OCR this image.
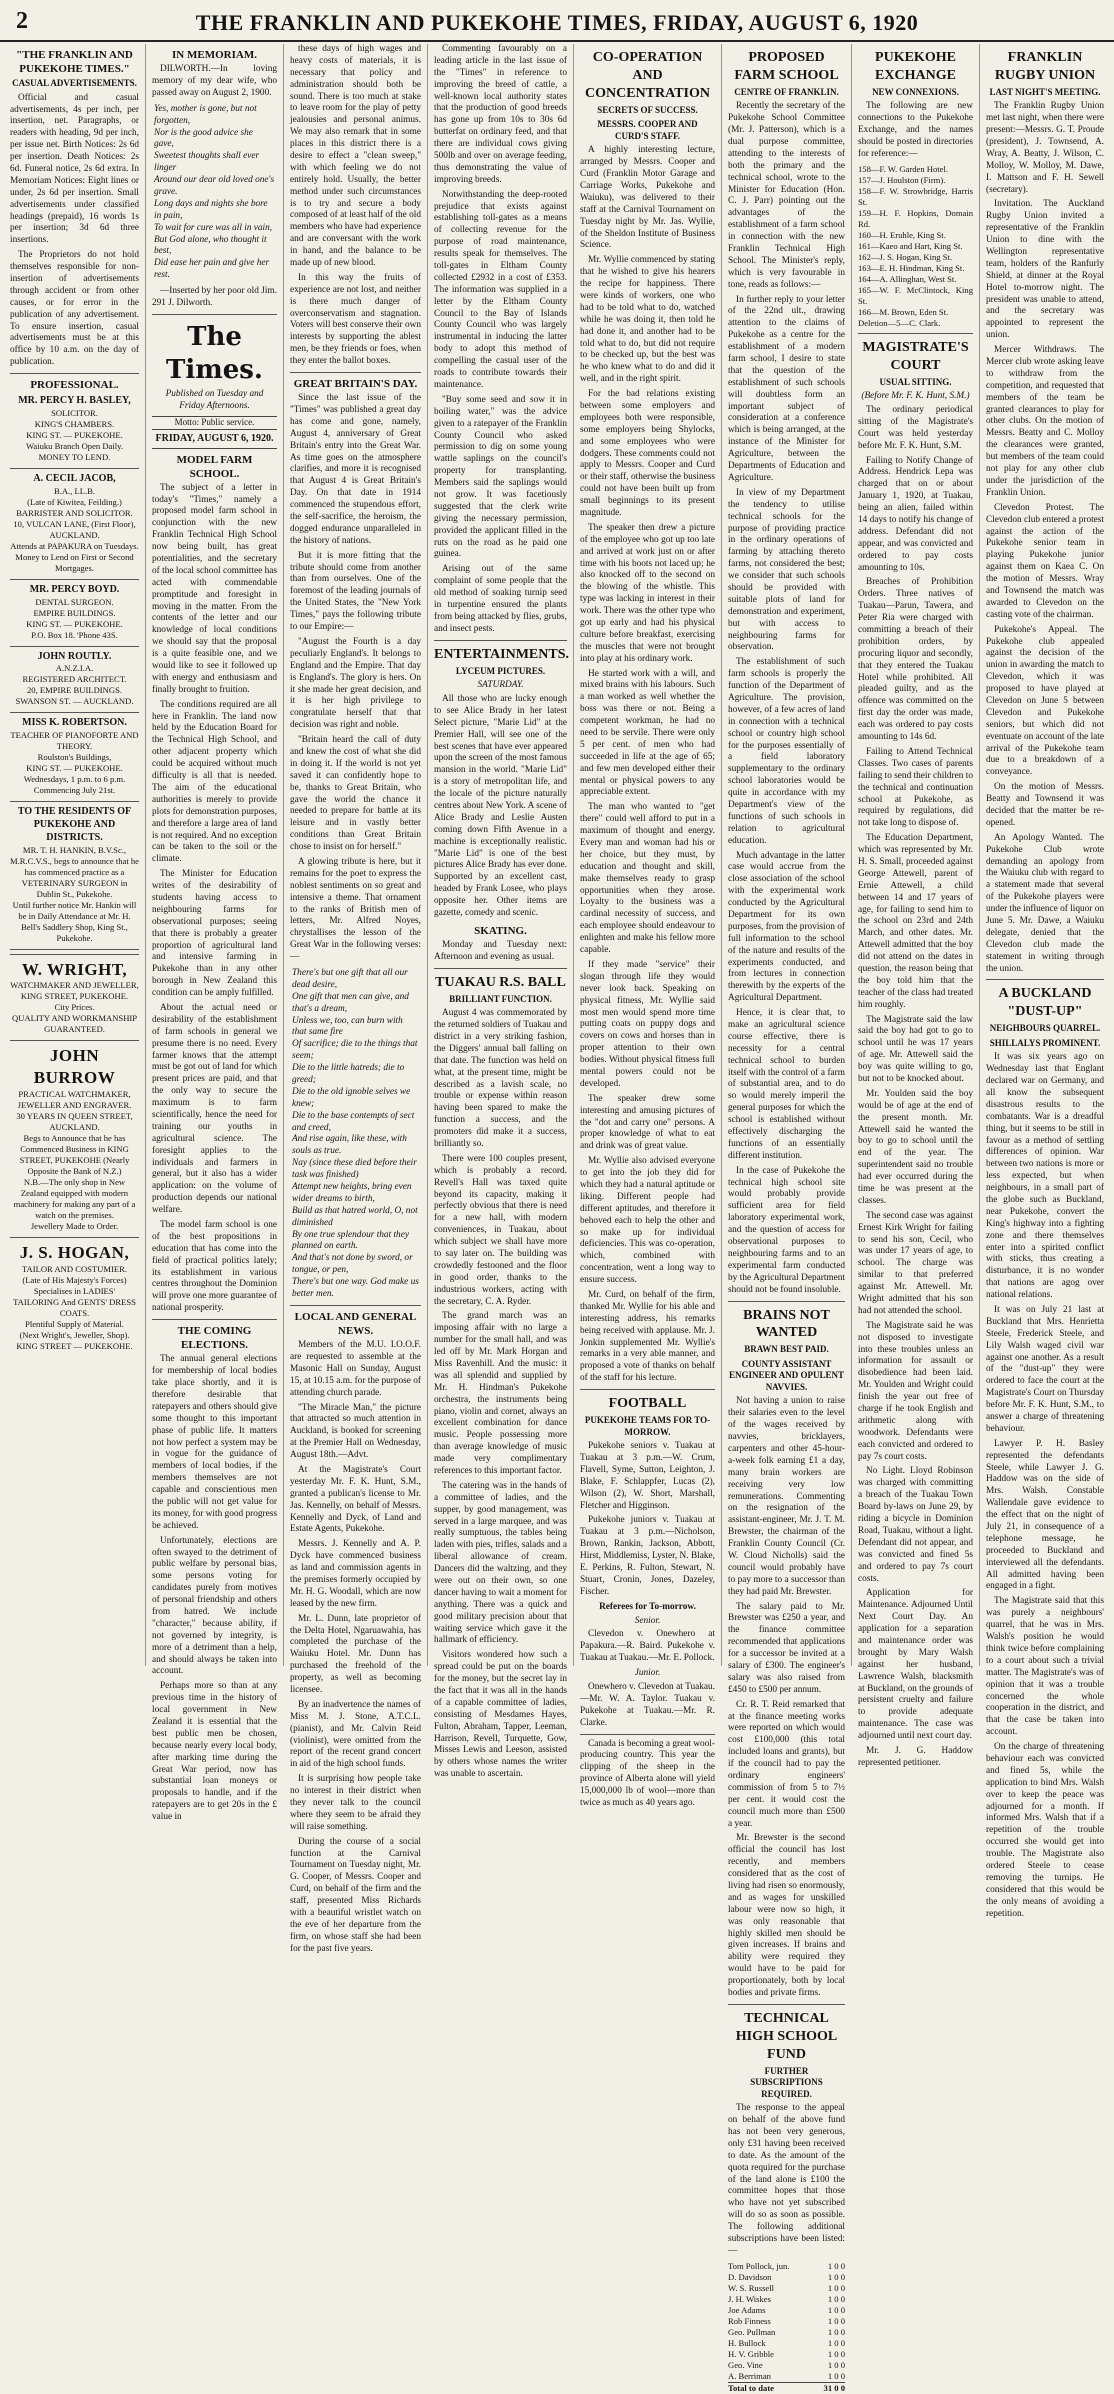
2	THE FRANKLIN AND PUKEKOHE TIMES, FRIDAY, AUGUST 6, 1920
"THE FRANKLIN AND PUKEKOHE TIMES."
CASUAL ADVERTISEMENTS.

Official and casual advertisements, 4s per inch, per insertion, net. Paragraphs, or readers with heading, 9d per inch, per issue net. Birth Notices: 2s 6d per insertion. Death Notices: 2s 6d. Funeral notice, 2s 6d extra. In Memoriam Notices: Eight lines or under, 2s 6d per insertion. Small advertisements under classified headings (prepaid), 16 words 1s per insertion; 3d 6d three insertions.

The Proprietors do not hold themselves responsible for non-insertion of advertisements through accident or from other causes, or for error in the publication of any advertisement. To ensure insertion, casual advertisements must be at this office by 10 a.m. on the day of publication.

PROFESSIONAL.
MR. PERCY H. BASLEY,
SOLICITOR.
KING'S CHAMBERS.
KING ST. — PUKEKOHE.
Waiuku Branch Open Daily.
MONEY TO LEND.
A. CECIL JACOB,
B.A., LL.B.
(Late of Kiwitea, Feilding.)
BARRISTER AND SOLICITOR.
10, VULCAN LANE, (First Floor), AUCKLAND.
Attends at PAPAKURA on Tuesdays. Money to Lend on First or Second Mortgages.
MR. PERCY BOYD.
DENTAL SURGEON.
EMPIRE BUILDINGS.
KING ST. — PUKEKOHE.
P.O. Box 18. 'Phone 43S.
JOHN ROUTLY.
A.N.Z.I.A.
REGISTERED ARCHITECT.
20, EMPIRE BUILDINGS.
SWANSON ST. — AUCKLAND.
MISS K. ROBERTSON.
TEACHER OF PIANOFORTE AND THEORY.
Roulston's Buildings,
KING ST. — PUKEKOHE.
Wednesdays, 1 p.m. to 6 p.m.
Commencing July 21st.
TO THE RESIDENTS OF PUKEKOHE AND DISTRICTS.
MR. T. H. HANKIN, B.V.Sc., M.R.C.V.S., begs to announce that he has commenced practice as a VETERINARY SURGEON in Dublin St., Pukekohe.
Until further notice Mr. Hankin will be in Daily Attendance at Mr. H. Bell's Saddlery Shop, King St., Pukekohe.
W. WRIGHT,
WATCHMAKER AND JEWELLER,
KING STREET, PUKEKOHE.
City Prices.
QUALITY AND WORKMANSHIP GUARANTEED.
JOHN BURROW
PRACTICAL WATCHMAKER, JEWELLER AND ENGRAVER.
30 YEARS IN QUEEN STREET, AUCKLAND.
Begs to Announce that he has Commenced Business in KING STREET, PUKEKOHE (Nearly Opposite the Bank of N.Z.)
N.B.—The only shop in New Zealand equipped with modern machinery for making any part of a watch on the premises.
Jewellery Made to Order.
J. S. HOGAN,
TAILOR AND COSTUMIER.
(Late of His Majesty's Forces)
Specialises in LADIES' TAILORING And GENTS' DRESS COATS.
Plentiful Supply of Material.
(Next Wright's, Jeweller, Shop). KING STREET — PUKEKOHE.
IN MEMORIAM.

DILWORTH.—In loving memory of my dear wife, who passed away on August 2, 1900.

Yes, mother is gone, but not forgotten,
Nor is the good advice she gave,
Sweetest thoughts shall ever linger
Around our dear old loved one's grave.
Long days and nights she bore in pain,
To wait for cure was all in vain,
But God alone, who thought it best,
Did ease her pain and give her rest.

—Inserted by her poor old Jim. 291 J. Dilworth.

The Times.
Published on Tuesday and Friday Afternoons.
Motto: Public service.
FRIDAY, AUGUST 6, 1920.
MODEL FARM SCHOOL.

The subject of a letter in today's "Times," namely a proposed model farm school in conjunction with the new Franklin Technical High School now being built, has great potentialities, and the secretary of the local school committee has acted with commendable promptitude and foresight in moving in the matter. From the contents of the letter and our knowledge of local conditions we should say that the proposal is a quite feasible one, and we would like to see it followed up with energy and enthusiasm and finally brought to fruition.

The conditions required are all here in Franklin. The land now held by the Education Board for the Technical High School, and other adjacent property which could be acquired without much difficulty is all that is needed. The aim of the educational authorities is merely to provide plots for demonstration purposes, and therefore a large area of land is not required. And no exception can be taken to the soil or the climate.

The Minister for Education writes of the desirability of students having access to neighbouring farms for observational purposes; seeing that there is probably a greater proportion of agricultural land and intensive farming in Pukekohe than in any other borough in New Zealand this condition can be amply fulfilled.

About the actual need or desirability of the establishment of farm schools in general we presume there is no need. Every farmer knows that the attempt must be got out of land for which present prices are paid, and that the only way to secure the maximum is to farm scientifically, hence the need for training our youths in agricultural science. The foresight applies to the individuals and farmers in general, but it also has a wider application: on the volume of production depends our national welfare.

The model farm school is one of the best propositions in education that has come into the field of practical politics lately; its establishment in various centres throughout the Dominion will prove one more guarantee of national prosperity.

THE COMING ELECTIONS.

The annual general elections for membership of local bodies take place shortly, and it is therefore desirable that ratepayers and others should give some thought to this important phase of public life. It matters not how perfect a system may be in vogue for the guidance of members of local bodies, if the members themselves are not capable and conscientious men the public will not get value for its money, for with good progress be achieved.

Unfortunately, elections are often swayed to the detriment of public welfare by personal bias, some persons voting for candidates purely from motives of personal friendship and others from hatred. We include "character," because ability, if not governed by integrity, is more of a detriment than a help, and should always be taken into account.

Perhaps more so than at any previous time in the history of local government in New Zealand it is essential that the best public men be chosen, because nearly every local body, after marking time during the Great War period, now has substantial loan moneys or proposals to handle, and if the ratepayers are to get 20s in the £ value in

these days of high wages and heavy costs of materials, it is necessary that policy and administration should both be sound. There is too much at stake to leave room for the play of petty jealousies and personal animus. We may also remark that in some places in this district there is a desire to effect a "clean sweep," with which feeling we do not entirely hold. Usually, the better method under such circumstances is to try and secure a body composed of at least half of the old members who have had experience and are conversant with the work in hand, and the balance to be made up of new blood.

In this way the fruits of experience are not lost, and neither is there much danger of overconservatism and stagnation. Voters will best conserve their own interests by supporting the ablest men, be they friends or foes, when they enter the ballot boxes.

GREAT BRITAIN'S DAY.

Since the last issue of the "Times" was published a great day has come and gone, namely, August 4, anniversary of Great Britain's entry into the Great War. As time goes on the atmosphere clarifies, and more it is recognised that August 4 is Great Britain's Day. On that date in 1914 commenced the stupendous effort, the self-sacrifice, the heroism, the dogged endurance unparalleled in the history of nations.

But it is more fitting that the tribute should come from another than from ourselves. One of the foremost of the leading journals of the United States, the "New York Times," pays the following tribute to our Empire:—

"August the Fourth is a day peculiarly England's. It belongs to England and the Empire. That day is England's. The glory is hers. On it she made her great decision, and it is her high privilege to congratulate herself that that decision was right and noble.

"Britain heard the call of duty and knew the cost of what she did in doing it. If the world is not yet saved it can confidently hope to be, thanks to Great Britain, who gave the world the chance it needed to prepare for battle at its leisure and in vastly better conditions than Great Britain chose to insist on for herself."

A glowing tribute is here, but it remains for the poet to express the noblest sentiments on so great and intensive a theme. That ornament to the ranks of British men of letters, Mr. Alfred Noyes, chrystallises the lesson of the Great War in the following verses:—

There's but one gift that all our dead desire,
One gift that men can give, and that's a dream,
Unless we, too, can burn with that same fire
Of sacrifice; die to the things that seem;
Die to the little hatreds; die to greed;
Die to the old ignoble selves we knew;
Die to the base contempts of sect and creed,
And rise again, like these, with souls as true.
Nay (since these died before their task was finished)
Attempt new heights, bring even wider dreams to birth,
Build as that hatred world, O, not diminished
By one true splendour that they planned on earth.
And that's not done by sword, or tongue, or pen,
There's but one way. God make us better men.
LOCAL AND GENERAL NEWS.

Members of the M.U. I.O.O.F. are requested to assemble at the Masonic Hall on Sunday, August 15, at 10.15 a.m. for the purpose of attending church parade.

"The Miracle Man," the picture that attracted so much attention in Auckland, is booked for screening at the Premier Hall on Wednesday, August 18th.—Advt.

At the Magistrate's Court yesterday Mr. F. K. Hunt, S.M., granted a publican's license to Mr. Jas. Kennelly, on behalf of Messrs. Kennelly and Dyck, of Land and Estate Agents, Pukekohe.

Messrs. J. Kennelly and A. P. Dyck have commenced business as land and commission agents in the premises formerly occupied by Mr. H. G. Woodall, which are now leased by the new firm.

Mr. L. Dunn, late proprietor of the Delta Hotel, Ngaruawahia, has completed the purchase of the Waiuku Hotel. Mr. Dunn has purchased the freehold of the property, as well as becoming licensee.

By an inadvertence the names of Miss M. J. Stone, A.T.C.L. (pianist), and Mr. Calvin Reid (violinist), were omitted from the report of the recent grand concert in aid of the high school funds.

It is surprising how people take no interest in their district when they never talk to the council where they seem to be afraid they will raise something.

During the course of a social function at the Carnival Tournament on Tuesday night, Mr. G. Cooper, of Messrs. Cooper and Curd, on behalf of the firm and the staff, presented Miss Richards with a beautiful wristlet watch on the eve of her departure from the firm, on whose staff she had been for the past five years.

Commenting favourably on a leading article in the last issue of the "Times" in reference to improving the breed of cattle, a well-known local authority states that the production of good breeds has gone up from 10s to 30s 6d butterfat on ordinary feed, and that there are individual cows giving 500lb and over on average feeding, thus demonstrating the value of improving breeds.

Notwithstanding the deep-rooted prejudice that exists against establishing toll-gates as a means of collecting revenue for the purpose of road maintenance, results speak for themselves. The toll-gates in Eltham County collected £2932 in a cost of £353. The information was supplied in a letter by the Eltham County Council to the Bay of Islands County Council who was largely instrumental in inducing the latter body to adopt this method of compelling the casual user of the roads to contribute towards their maintenance.

"Buy some seed and sow it in boiling water," was the advice given to a ratepayer of the Franklin County Council who asked permission to dig on some young wattle saplings on the council's property for transplanting. Members said the saplings would not grow. It was facetiously suggested that the clerk write giving the necessary permission, provided the applicant filled in the ruts on the road as he paid one guinea.

Arising out of the same complaint of some people that the old method of soaking turnip seed in turpentine ensured the plants from being attacked by flies, grubs, and insect pests.

ENTERTAINMENTS.
LYCEUM PICTURES.
SATURDAY.

All those who are lucky enough to see Alice Brady in her latest Select picture, "Marie Lid" at the Premier Hall, will see one of the best scenes that have ever appeared upon the screen of the most famous mansion in the world. "Marie Lid" is a story of metropolitan life, and the locale of the picture naturally centres about New York. A scene of Alice Brady and Leslie Austen coming down Fifth Avenue in a machine is exceptionally realistic. "Marie Lid" is one of the best pictures Alice Brady has ever done. Supported by an excellent cast, headed by Frank Losee, who plays opposite her. Other items are gazette, comedy and scenic.

SKATING.

Monday and Tuesday next: Afternoon and evening as usual.

TUAKAU R.S. BALL
BRILLIANT FUNCTION.

August 4 was commemorated by the returned soldiers of Tuakau and district in a very striking fashion, the Diggers' annual ball falling on that date. The function was held on what, at the present time, might be described as a lavish scale, no trouble or expense within reason having been spared to make the function a success, and the promoters did make it a success, brilliantly so.

There were 100 couples present, which is probably a record. Revell's Hall was taxed quite beyond its capacity, making it perfectly obvious that there is need for a new hall, with modern conveniences, in Tuakau, about which subject we shall have more to say later on. The building was crowdedly festooned and the floor in good order, thanks to the industrious workers, acting with the secretary, C. A. Ryder.

The grand march was an imposing affair with no large a number for the small hall, and was led off by Mr. Mark Horgan and Miss Ravenhill. And the music: it was all splendid and supplied by Mr. H. Hindman's Pukekohe orchestra, the instruments being piano, violin and cornet, always an excellent combination for dance music. People possessing more than average knowledge of music made very complimentary references to this important factor.

The catering was in the hands of a committee of ladies, and the supper, by good management, was served in a large marquee, and was really sumptuous, the tables being laden with pies, trifles, salads and a liberal allowance of cream. Dancers did the waltzing, and they were out on their own, so one dancer having to wait a moment for anything. There was a quick and good military precision about that waiting service which gave it the hallmark of efficiency.

Visitors wondered how such a spread could be put on the boards for the money, but the secret lay in the fact that it was all in the hands of a capable committee of ladies, consisting of Mesdames Hayes, Fulton, Abraham, Tapper, Leeman, Harrison, Revell, Turquette, Gow, Misses Lewis and Leeson, assisted by others whose names the writer was unable to ascertain.

CO-OPERATION AND CONCENTRATION
SECRETS OF SUCCESS.
MESSRS. COOPER AND CURD'S STAFF.

A highly interesting lecture, arranged by Messrs. Cooper and Curd (Franklin Motor Garage and Carriage Works, Pukekohe and Waiuku), was delivered to their staff at the Carnival Tournament on Tuesday night by Mr. Jas. Wyllie, of the Sheldon Institute of Business Science.

Mr. Wyllie commenced by stating that he wished to give his hearers the recipe for happiness. There were kinds of workers, one who had to be told what to do, watched while he was doing it, then told he had done it, and another had to be told what to do, but did not require to be checked up, but the best was he who knew what to do and did it well, and in the right spirit.

For the bad relations existing between some employers and employees both were responsible, some employers being Shylocks, and some employees who were dodgers. These comments could not apply to Messrs. Cooper and Curd or their staff, otherwise the business could not have been built up from small beginnings to its present magnitude.

The speaker then drew a picture of the employee who got up too late and arrived at work just on or after time with his boots not laced up; he also knocked off to the second on the blowing of the whistle. This type was lacking in interest in their work. There was the other type who got up early and had his physical culture before breakfast, exercising the muscles that were not brought into play at his ordinary work.

He started work with a will, and mixed brains with his labours. Such a man worked as well whether the boss was there or not. Being a competent workman, he had no need to be servile. There were only 5 per cent. of men who had succeeded in life at the age of 65; and few men developed either their mental or physical powers to any appreciable extent.

The man who wanted to "get there" could well afford to put in a maximum of thought and energy. Every man and woman had his or her choice, but they must, by education and thought and skill, make themselves ready to grasp opportunities when they arose. Loyalty to the business was a cardinal necessity of success, and each employee should endeavour to enlighten and make his fellow more capable.

If they made "service" their slogan through life they would never look back. Speaking on physical fitness, Mr. Wyllie said most men would spend more time putting coats on puppy dogs and covers on cows and horses than in proper attention to their own bodies. Without physical fitness full mental powers could not be developed.

The speaker drew some interesting and amusing pictures of the "dot and carry one" persons. A proper knowledge of what to eat and drink was of great value.

Mr. Wyllie also advised everyone to get into the job they did for which they had a natural aptitude or liking. Different people had different aptitudes, and therefore it behoved each to help the other and so make up for individual deficiencies. This was co-operation, which, combined with concentration, went a long way to ensure success.

Mr. Curd, on behalf of the firm, thanked Mr. Wyllie for his able and interesting address, his remarks being received with applause. Mr. J. Jonkin supplemented Mr. Wyllie's remarks in a very able manner, and proposed a vote of thanks on behalf of the staff for his lecture.

FOOTBALL
PUKEKOHE TEAMS FOR TO-MORROW.

Pukekohe seniors v. Tuakau at Tuakau at 3 p.m.—W. Crum, Flavell, Syme, Sutton, Leighton, J. Blake, F. Schlappfer, Lucas (2), Wilson (2), W. Short, Marshall, Fletcher and Higginson.

Pukekohe juniors v. Tuakau at Tuakau at 3 p.m.—Nicholson, Brown, Rankin, Jackson, Abbott, Hirst, Middlemiss, Lyster, N. Blake, E. Perkins, R. Fulton, Stewart, N. Stuart, Cronin, Jones, Dazeley, Fischer.

Referees for To-morrow.
Senior.

Clevedon v. Onewhero at Papakura.—R. Baird. Pukekohe v. Tuakau at Tuakau.—Mr. E. Pollock.

Junior.

Onewhero v. Clevedon at Tuakau.—Mr. W. A. Taylor. Tuakau v. Pukekohe at Tuakau.—Mr. R. Clarke.

Canada is becoming a great wool-producing country. This year the clipping of the sheep in the province of Alberta alone will yield 15,000,000 lb of wool—more than twice as much as 40 years ago.

PROPOSED FARM SCHOOL
CENTRE OF FRANKLIN.

Recently the secretary of the Pukekohe School Committee (Mr. J. Patterson), which is a dual purpose committee, attending to the interests of both the primary and the technical school, wrote to the Minister for Education (Hon. C. J. Parr) pointing out the advantages of the establishment of a farm school in connection with the new Franklin Technical High School. The Minister's reply, which is very favourable in tone, reads as follows:—

In further reply to your letter of the 22nd ult., drawing attention to the claims of Pukekohe as a centre for the establishment of a modern farm school, I desire to state that the question of the establishment of such schools will doubtless form an important subject of consideration at a conference which is being arranged, at the instance of the Minister for Agriculture, between the Departments of Education and Agriculture.

In view of my Department the tendency to utilise technical schools for the purpose of providing practice in the ordinary operations of farming by attaching thereto farms, not considered the best; we consider that such schools should be provided with suitable plots of land for demonstration and experiment, but with access to neighbouring farms for observation.

The establishment of such farm schools is properly the function of the Department of Agriculture. The provision, however, of a few acres of land in connection with a technical school or country high school for the purposes essentially of a field laboratory supplementary to the ordinary school laboratories would be quite in accordance with my Department's view of the functions of such schools in relation to agricultural education.

Much advantage in the latter case would accrue from the close association of the school with the experimental work conducted by the Agricultural Department for its own purposes, from the provision of full information to the school of the nature and results of the experiments conducted, and from lectures in connection therewith by the experts of the Agricultural Department.

Hence, it is clear that, to make an agricultural science course effective, there is necessity for a central technical school to burden itself with the control of a farm of substantial area, and to do so would merely imperil the general purposes for which the school is established without effectively discharging the functions of an essentially different institution.

In the case of Pukekohe the technical high school site would probably provide sufficient area for field laboratory experimental work, and the question of access for observational purposes to neighbouring farms and to an experimental farm conducted by the Agricultural Department should not be found insoluble.

BRAINS NOT WANTED
BRAWN BEST PAID.
COUNTY ASSISTANT ENGINEER AND OPULENT NAVVIES.

Not having a union to raise their salaries even to the level of the wages received by navvies, bricklayers, carpenters and other 45-hour-a-week folk earning £1 a day, many brain workers are receiving very low remunerations. Commenting on the resignation of the assistant-engineer, Mr. J. T. M. Brewster, the chairman of the Franklin County Council (Cr. W. Cloud Nicholls) said the council would probably have to pay more to a successor than they had paid Mr. Brewster.

The salary paid to Mr. Brewster was £250 a year, and the finance committee recommended that applications for a successor be invited at a salary of £300. The engineer's salary was also raised from £450 to £500 per annum.

Cr. R. T. Reid remarked that at the finance meeting works were reported on which would cost £100,000 (this total included loans and grants), but if the council had to pay the ordinary engineers' commission of from 5 to 7½ per cent. it would cost the council much more than £500 a year.

Mr. Brewster is the second official the council has lost recently, and members considered that as the cost of living had risen so enormously, and as wages for unskilled labour were now so high, it was only reasonable that highly skilled men should be given increases. If brains and ability were required they would have to be paid for proportionately, both by local bodies and private firms.

TECHNICAL HIGH SCHOOL FUND
FURTHER SUBSCRIPTIONS REQUIRED.

The response to the appeal on behalf of the above fund has not been very generous, only £31 having been received to date. As the amount of the quota required for the purchase of the land alone is £100 the committee hopes that those who have not yet subscribed will do so as soon as possible. The following additional subscriptions have been listed:—

Tom Pollock, jun.	1 0 0
D. Davidson	1 0 0
W. S. Russell	1 0 0
J. H. Wiskes	1 0 0
Joe Adams	1 0 0
Rob Finness	1 0 0
Geo. Pullman	1 0 0
H. Bullock	1 0 0
H. V. Gribble	1 0 0
Geo. Vine	1 0 0
A. Berriman	1 0 0
Total to date	31 0 0
PUKEKOHE EXCHANGE
NEW CONNEXIONS.

The following are new connections to the Pukekohe Exchange, and the names should be posted in directories for reference:—

158—F. W. Garden Hotel.
157—J. Houlston (Firm).
158—F. W. Strowbridge, Harris St.
159—H. F. Hopkins, Domain Rd.
160—H. Eruhle, King St.
161—Kaeo and Hart, King St.
162—J. S. Hogan, King St.
163—E. H. Hindman, King St.
164—A. Allinghan, West St.
165—W. F. McClintock, King St.
166—M. Brown, Eden St.
Deletion—5—C. Clark.
MAGISTRATE'S COURT
USUAL SITTING.
(Before Mr. F. K. Hunt, S.M.)

The ordinary periodical sitting of the Magistrate's Court was held yesterday before Mr. F. K. Hunt, S.M.

Failing to Notify Change of Address. Hendrick Lepa was charged that on or about January 1, 1920, at Tuakau, being an alien, failed within 14 days to notify his change of address. Defendant did not appear, and was convicted and ordered to pay costs amounting to 10s.

Breaches of Prohibition Orders. Three natives of Tuakau—Parun, Tawera, and Peter Ria were charged with committing a breach of their prohibition orders, by procuring liquor and secondly, that they entered the Tuakau Hotel while prohibited. All pleaded guilty, and as the offence was committed on the first day the order was made, each was ordered to pay costs amounting to 14s 6d.

Failing to Attend Technical Classes. Two cases of parents failing to send their children to the technical and continuation school at Pukekohe, as required by regulations, did not take long to dispose of.

The Education Department, which was represented by Mr. H. S. Small, proceeded against George Attewell, parent of Ernie Attewell, a child between 14 and 17 years of age, for failing to send him to the school on 23rd and 24th March, and other dates. Mr. Attewell admitted that the boy did not attend on the dates in question, the reason being that the boy told him that the teacher of the class had treated him roughly.

The Magistrate said the law said the boy had got to go to school until he was 17 years of age. Mr. Attewell said the boy was quite willing to go, but not to be knocked about.

Mr. Youlden said the boy would be of age at the end of the present month. Mr. Attewell said he wanted the boy to go to school until the end of the year. The superintendent said no trouble had ever occurred during the time he was present at the classes.

The second case was against Ernest Kirk Wright for failing to send his son, Cecil, who was under 17 years of age, to school. The charge was similar to that preferred against Mr. Attewell. Mr. Wright admitted that his son had not attended the school.

The Magistrate said he was not disposed to investigate into these troubles unless an information for assault or disobedience had been laid. Mr. Youlden and Wright could finish the year out free of charge if he took English and arithmetic along with woodwork. Defendants were each convicted and ordered to pay 7s court costs.

No Light. Lloyd Robinson was charged with committing a breach of the Tuakau Town Board by-laws on June 29, by riding a bicycle in Dominion Road, Tuakau, without a light. Defendant did not appear, and was convicted and fined 5s and ordered to pay 7s court costs.

Application for Maintenance. Adjourned Until Next Court Day. An application for a separation and maintenance order was brought by Mary Walsh against her husband, Lawrence Walsh, blacksmith at Buckland, on the grounds of persistent cruelty and failure to provide adequate maintenance. The case was adjourned until next court day.

Mr. J. G. Haddow represented petitioner.

FRANKLIN RUGBY UNION
LAST NIGHT'S MEETING.

The Franklin Rugby Union met last night, when there were present:—Messrs. G. T. Proude (president), J. Townsend, A. Wray, A. Beatty, J. Wilson, C. Molloy, W. Molloy, M. Dawe, I. Mattson and F. H. Sewell (secretary).

Invitation. The Auckland Rugby Union invited a representative of the Franklin Union to dine with the Wellington representative team, holders of the Ranfurly Shield, at dinner at the Royal Hotel to-morrow night. The president was unable to attend, and the secretary was appointed to represent the union.

Mercer Withdraws. The Mercer club wrote asking leave to withdraw from the competition, and requested that members of the team be granted clearances to play for other clubs. On the motion of Messrs. Beatty and C. Molloy the clearances were granted, but members of the team could not play for any other club under the jurisdiction of the Franklin Union.

Clevedon Protest. The Clevedon club entered a protest against the action of the Pukekohe senior team in playing Pukekohe junior against them on Kaea C. On the motion of Messrs. Wray and Townsend the match was awarded to Clevedon on the casting vote of the chairman.

Pukekohe's Appeal. The Pukekohe club appealed against the decision of the union in awarding the match to Clevedon, which it was proposed to have played at Clevedon on June 5 between Clevedon and Pukekohe seniors, but which did not eventuate on account of the late arrival of the Pukekohe team due to a breakdown of a conveyance.

On the motion of Messrs. Beatty and Townsend it was decided that the matter be re-opened.

An Apology Wanted. The Pukekohe Club wrote demanding an apology from the Waiuku club with regard to a statement made that several of the Pukekohe players were under the influence of liquor on June 5. Mr. Dawe, a Waiuku delegate, denied that the Clevedon club made the statement in writing through the union.

A BUCKLAND "DUST-UP"
NEIGHBOURS QUARREL.
SHILLALYS PROMINENT.

It was six years ago on Wednesday last that Englant declared war on Germany, and all know the subsequent disastrous results to the combatants. War is a dreadful thing, but it seems to be still in favour as a method of settling differences of opinion. War between two nations is more or less expected, but when neighbours, in a small part of the globe such as Buckland, near Pukekohe, convert the King's highway into a fighting zone and there themselves enter into a spirited conflict with sticks, thus creating a disturbance, it is no wonder that nations are agog over national relations.

It was on July 21 last at Buckland that Mrs. Henrietta Steele, Frederick Steele, and Lily Walsh waged civil war against one another. As a result of the "dust-up" they were ordered to face the court at the Magistrate's Court on Thursday before Mr. F. K. Hunt, S.M., to answer a charge of threatening behaviour.

Lawyer P. H. Basley represented the defendants Steele, while Lawyer J. G. Haddow was on the side of Mrs. Walsh. Constable Wallendale gave evidence to the effect that on the night of July 21, in consequence of a telephone message, he proceeded to Buckland and interviewed all the defendants. All admitted having been engaged in a fight.

The Magistrate said that this was purely a neighbours' quarrel, that he was in Mrs. Walsh's position he would think twice before complaining to a court about such a trivial matter. The Magistrate's was of opinion that it was a trouble concerned the whole cooperation in the district, and that the case be taken into account.

On the charge of threatening behaviour each was convicted and fined 5s, while the application to bind Mrs. Walsh over to keep the peace was adjourned for a month. If informed Mrs. Walsh that if a repetition of the trouble occurred she would get into trouble. The Magistrate also ordered Steele to cease removing the turnips. He considered that this would be the only means of avoiding a repetition.
